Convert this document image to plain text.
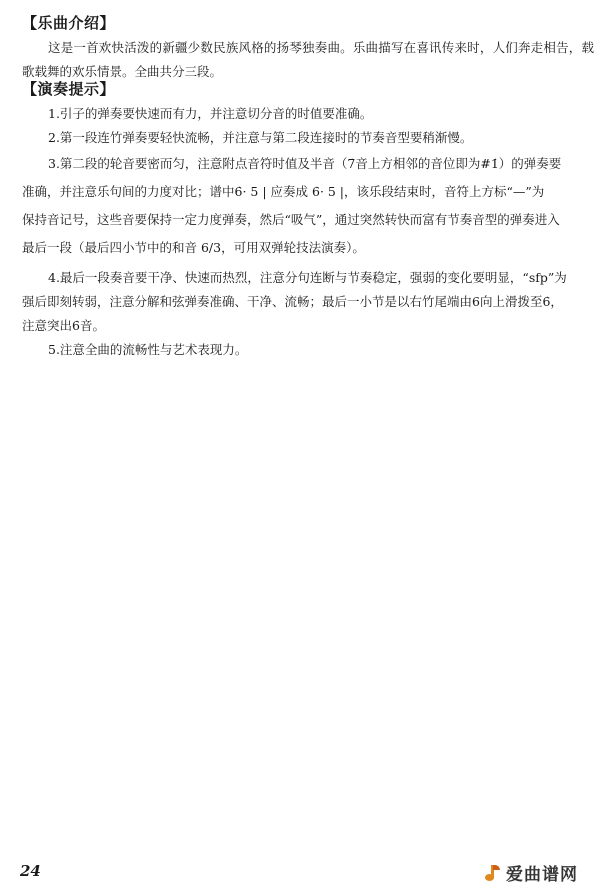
【乐曲介绍】
这是一首欢快活泼的新疆少数民族风格的扬琴独奏曲。乐曲描写在喜讯传来时，人们奔走相告，载歌载舞的欢乐情景。全曲共分三段。
【演奏提示】
1.引子的弹奏要快速而有力，并注意切分音的时值要准确。
2.第一段连竹弹奏要轻快流畅，并注意与第二段连接时的节奏音型要稍渐慢。
3.第二段的轮音要密而匀，注意附点音符时值及半音（7̇音上方相邻的音位即为#1̇）的弹奏要
准确，并注意乐句间的力度对比；谱中6̇· 5 | 应奏成 6̇· 5 |，该乐段结束时，音符上方标“—”为
保持音记号，这些音要保持一定力度弹奏，然后“吸气”，通过突然转快而富有节奏音型的弹奏进入
最后一段（最后四小节中的和音 6/3，可用双弹轮技法演奏）。
4.最后一段奏音要干净、快速而热烈，注意分句连断与节奏稳定，强弱的变化要明显，“sfp”为
强后即刻转弱，注意分解和弦弹奏准确、干净、流畅；最后一小节是以右竹尾端由6向上滑拨至6̇，
注意突出6̇音。
5.注意全曲的流畅性与艺术表现力。
24	爱曲谱网
